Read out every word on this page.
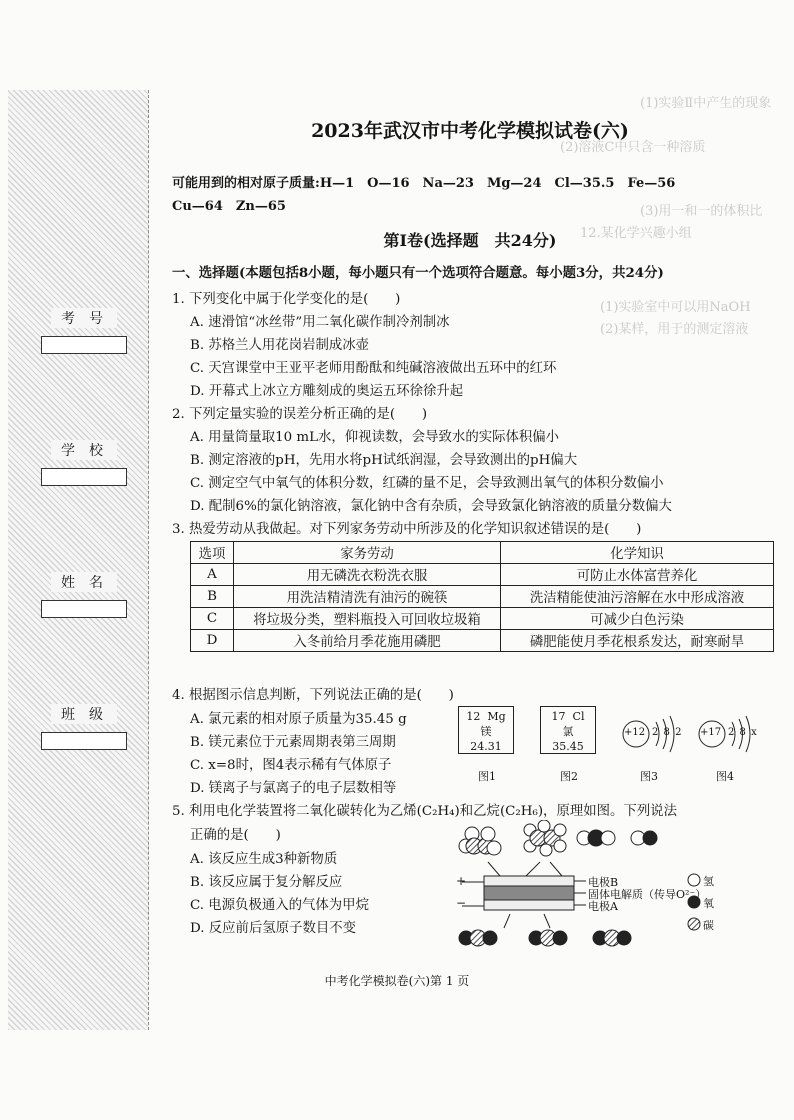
(1)实验Ⅱ中产生的现象
(2)溶液C中只含一种溶质
(3)用一和一的体积比
12.某化学兴趣小组
(1)实验室中可以用NaOH
(2)某样，用于的测定溶液
考号
学校
姓名
班级
2023年武汉市中考化学模拟试卷(六)
可能用到的相对原子质量:H—1　O—16　Na—23　Mg—24　Cl—35.5　Fe—56
Cu—64　Zn—65
第Ⅰ卷(选择题　共24分)
一、选择题(本题包括8小题，每小题只有一个选项符合题意。每小题3分，共24分)
1. 下列变化中属于化学变化的是(　　)
A. 速滑馆“冰丝带”用二氧化碳作制冷剂制冰
B. 苏格兰人用花岗岩制成冰壶
C. 天宫课堂中王亚平老师用酚酞和纯碱溶液做出五环中的红环
D. 开幕式上冰立方雕刻成的奥运五环徐徐升起
2. 下列定量实验的误差分析正确的是(　　)
A. 用量筒量取10 mL水，仰视读数，会导致水的实际体积偏小
B. 测定溶液的pH，先用水将pH试纸润湿，会导致测出的pH偏大
C. 测定空气中氧气的体积分数，红磷的量不足，会导致测出氧气的体积分数偏小
D. 配制6%的氯化钠溶液，氯化钠中含有杂质，会导致氯化钠溶液的质量分数偏大
3. 热爱劳动从我做起。对下列家务劳动中所涉及的化学知识叙述错误的是(　　)
选项	家务劳动	化学知识
A	用无磷洗衣粉洗衣服	可防止水体富营养化
B	用洗洁精清洗有油污的碗筷	洗洁精能使油污溶解在水中形成溶液
C	将垃圾分类，塑料瓶投入可回收垃圾箱	可减少白色污染
D	入冬前给月季花施用磷肥	磷肥能使月季花根系发达，耐寒耐旱
4. 根据图示信息判断，下列说法正确的是(　　)
A. 氯元素的相对原子质量为35.45 g
B. 镁元素位于元素周期表第三周期
C. x=8时，图4表示稀有气体原子
D. 镁离子与氯离子的电子层数相等
12 Mg
镁
24.31
17 Cl
氯
35.45
+12 2 8 2 +17 2 8 x
图1	图2	图3	图4
5. 利用电化学装置将二氧化碳转化为乙烯(C₂H₄)和乙烷(C₂H₆)，原理如图。下列说法
正确的是(　　)
A. 该反应生成3种新物质
B. 该反应属于复分解反应
C. 电源负极通入的气体为甲烷
D. 反应前后氢原子数目不变
+
−
电极B
固体电解质（传导O²⁻）
电极A
氢
氧
碳
中考化学模拟卷(六)第 1 页
